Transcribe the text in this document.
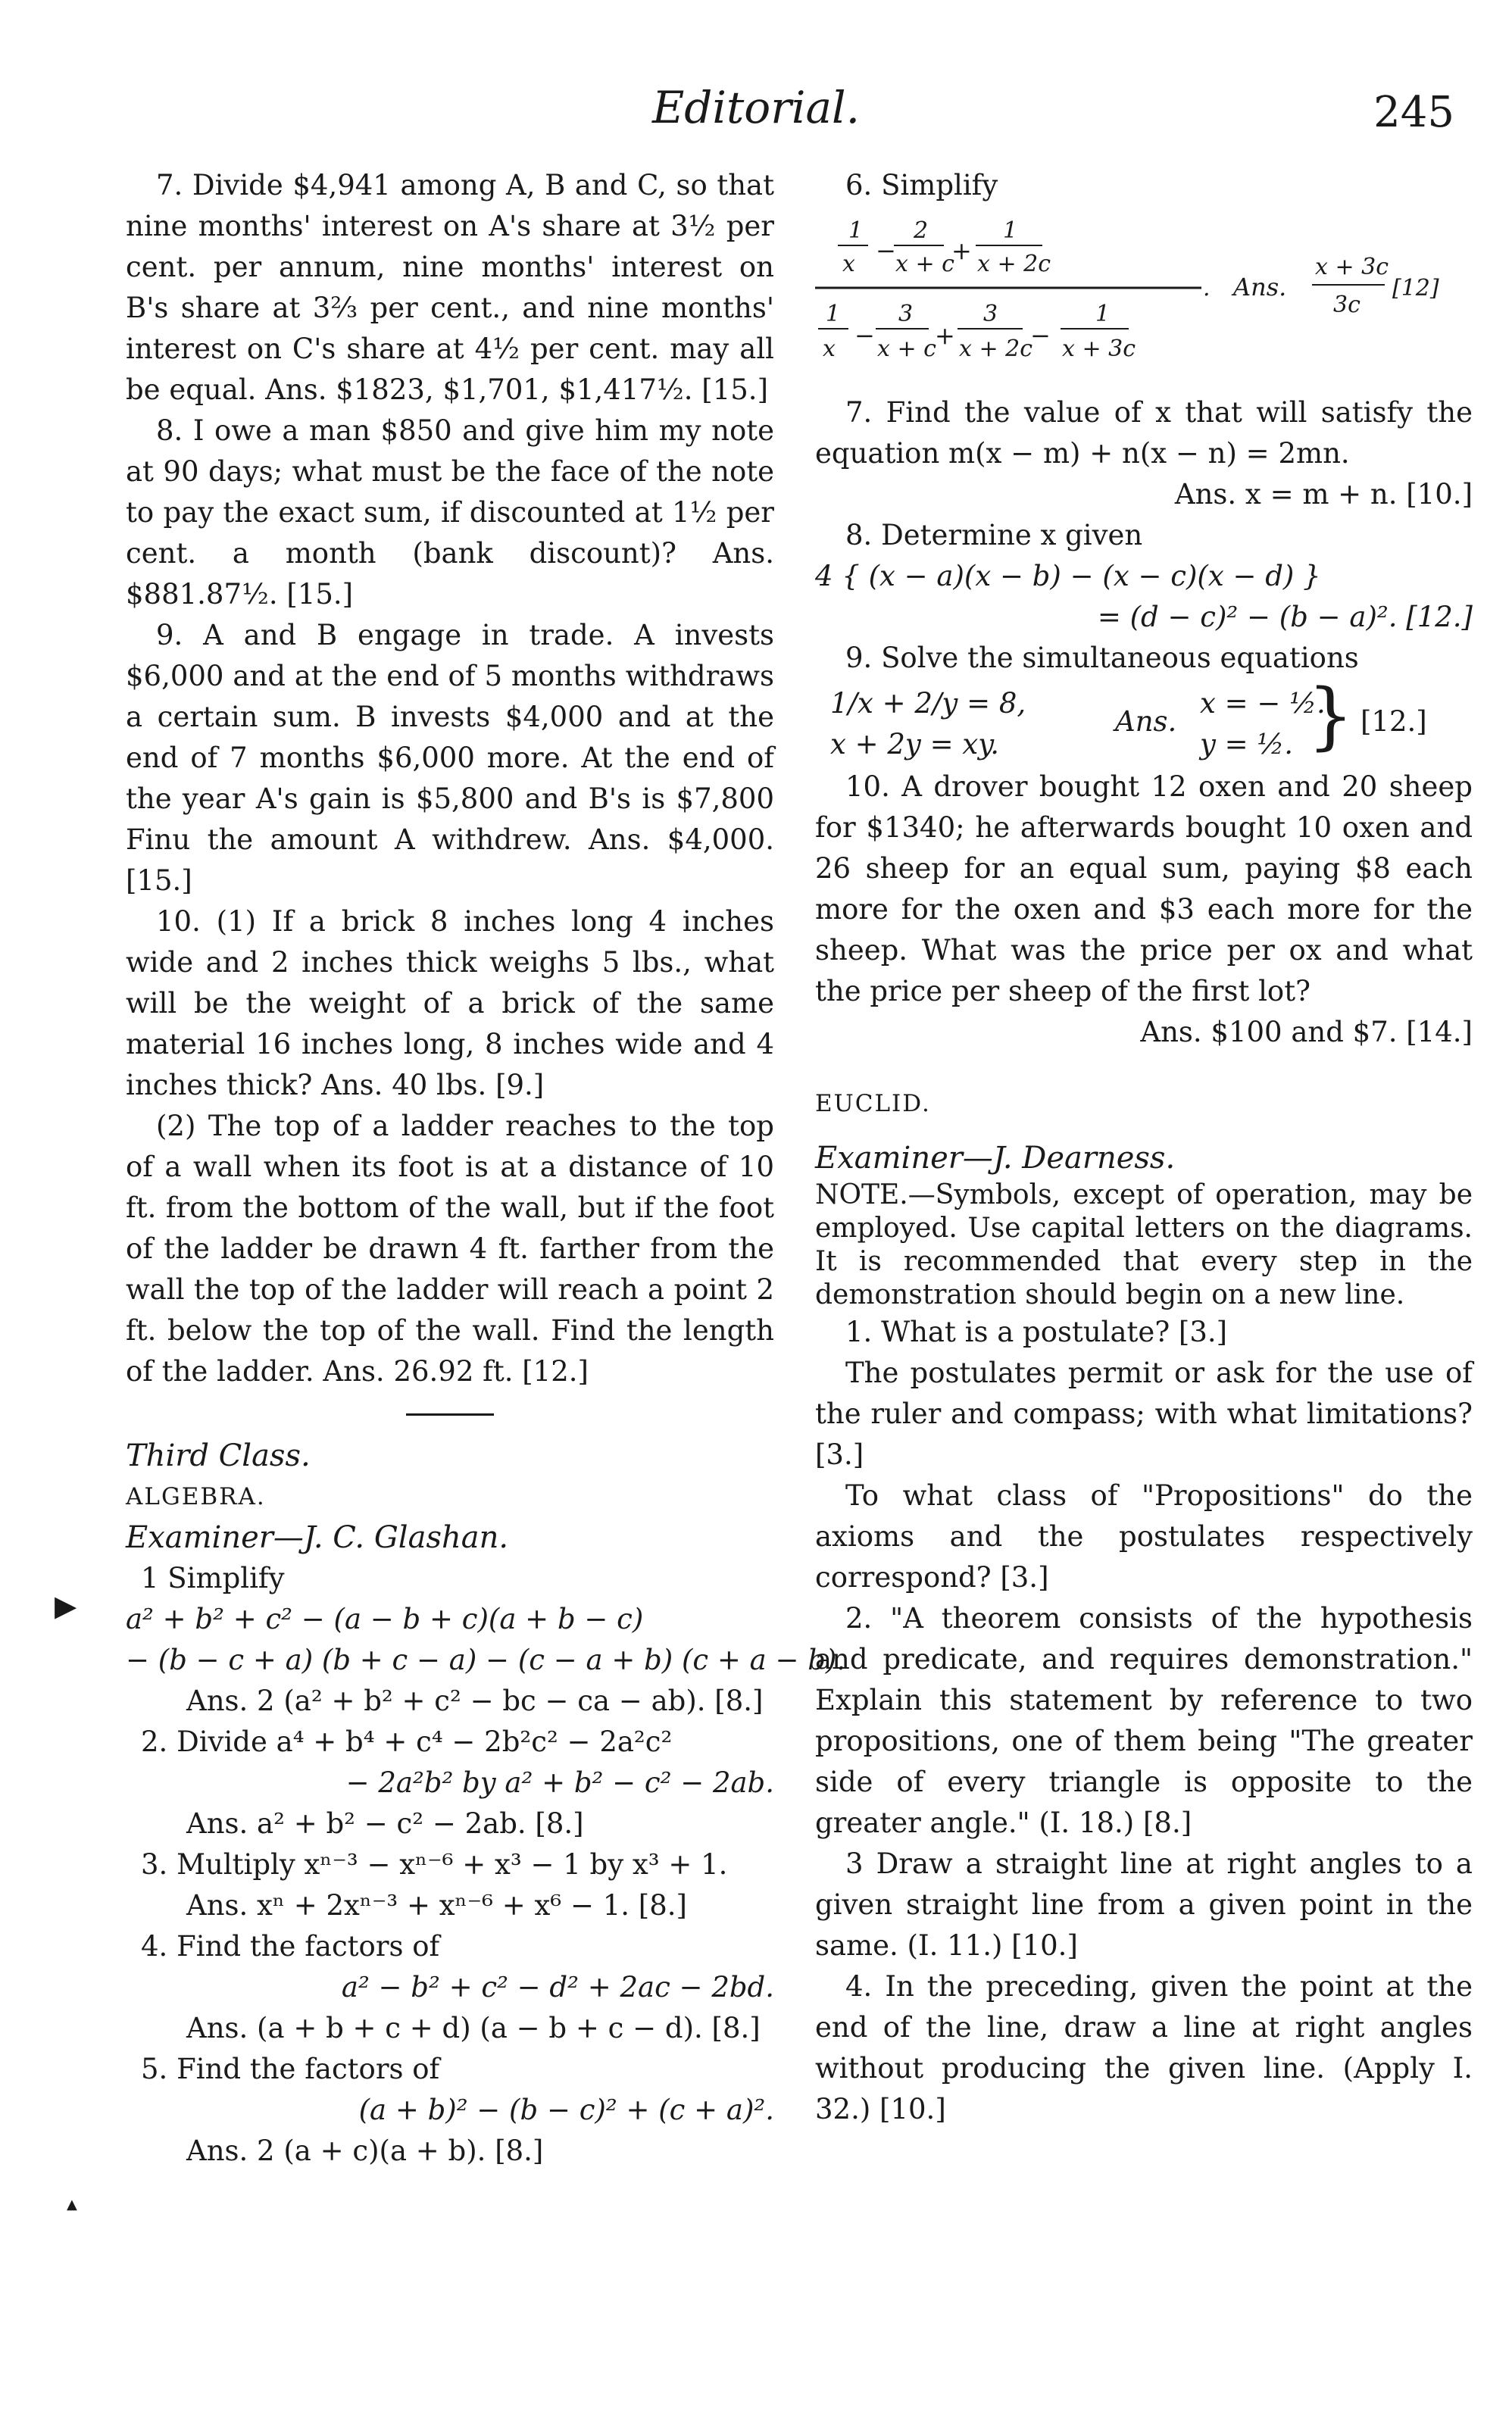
Editorial.	245
▶
▲

7. Divide $4,941 among A, B and C, so that nine months' interest on A's share at 3½ per cent. per annum, nine months' interest on B's share at 3⅔ per cent., and nine months' interest on C's share at 4½ per cent. may all be equal. Ans. $1823, $1,701, $1,417½. [15.]

8. I owe a man $850 and give him my note at 90 days; what must be the face of the note to pay the exact sum, if discounted at 1½ per cent. a month (bank discount)? Ans. $881.87½. [15.]

9. A and B engage in trade. A invests $6,000 and at the end of 5 months withdraws a certain sum. B invests $4,000 and at the end of 7 months $6,000 more. At the end of the year A's gain is $5,800 and B's is $7,800 Finu the amount A withdrew. Ans. $4,000. [15.]

10. (1) If a brick 8 inches long 4 inches wide and 2 inches thick weighs 5 lbs., what will be the weight of a brick of the same material 16 inches long, 8 inches wide and 4 inches thick? Ans. 40 lbs. [9.]

(2) The top of a ladder reaches to the top of a wall when its foot is at a distance of 10 ft. from the bottom of the wall, but if the foot of the ladder be drawn 4 ft. farther from the wall the top of the ladder will reach a point 2 ft. below the top of the wall. Find the length of the ladder. Ans. 26.92 ft. [12.]

Third Class.

ALGEBRA.

Examiner—J. C. Glashan.

1 Simplify

a² + b² + c² − (a − b + c)(a + b − c)

− (b − c + a) (b + c − a) − (c − a + b) (c + a − b).

Ans. 2 (a² + b² + c² − bc − ca − ab). [8.]

2. Divide a⁴ + b⁴ + c⁴ − 2b²c² − 2a²c²

− 2a²b² by a² + b² − c² − 2ab.

Ans. a² + b² − c² − 2ab. [8.]

3. Multiply xⁿ⁻³ − xⁿ⁻⁶ + x³ − 1 by x³ + 1.

Ans. xⁿ + 2xⁿ⁻³ + xⁿ⁻⁶ + x⁶ − 1. [8.]

4. Find the factors of

a² − b² + c² − d² + 2ac − 2bd.

Ans. (a + b + c + d) (a − b + c − d). [8.]

5. Find the factors of

(a + b)² − (b − c)² + (c + a)².

Ans. 2 (a + c)(a + b). [8.]

6. Simplify

1
x −
2
x + c
+
1
x + 2c
.
1
x −
3
x + c
+
3
x + 2c
−
1
x + 3c
Ans.
x + 3c
3c
[12]

7. Find the value of x that will satisfy the equation m(x − m) + n(x − n) = 2mn.

Ans. x = m + n. [10.]

8. Determine x given

4 { (x − a)(x − b) − (x − c)(x − d) }

= (d − c)² − (b − a)². [12.]

9. Solve the simultaneous equations

1/x + 2/y = 8,
x + 2y = xy.
Ans.
x = − ½.
y = ½. } [12.]

10. A drover bought 12 oxen and 20 sheep for $1340; he afterwards bought 10 oxen and 26 sheep for an equal sum, paying $8 each more for the oxen and $3 each more for the sheep. What was the price per ox and what the price per sheep of the first lot?

Ans. $100 and $7. [14.]

EUCLID.

Examiner—J. Dearness.

NOTE.—Symbols, except of operation, may be employed. Use capital letters on the diagrams. It is recommended that every step in the demonstration should begin on a new line.

1. What is a postulate? [3.]

The postulates permit or ask for the use of the ruler and compass; with what limitations? [3.]

To what class of "Propositions" do the axioms and the postulates respectively correspond? [3.]

2. "A theorem consists of the hypothesis and predicate, and requires demonstration." Explain this statement by reference to two propositions, one of them being "The greater side of every triangle is opposite to the greater angle." (I. 18.) [8.]

3 Draw a straight line at right angles to a given straight line from a given point in the same. (I. 11.) [10.]

4. In the preceding, given the point at the end of the line, draw a line at right angles without producing the given line. (Apply I. 32.) [10.]
